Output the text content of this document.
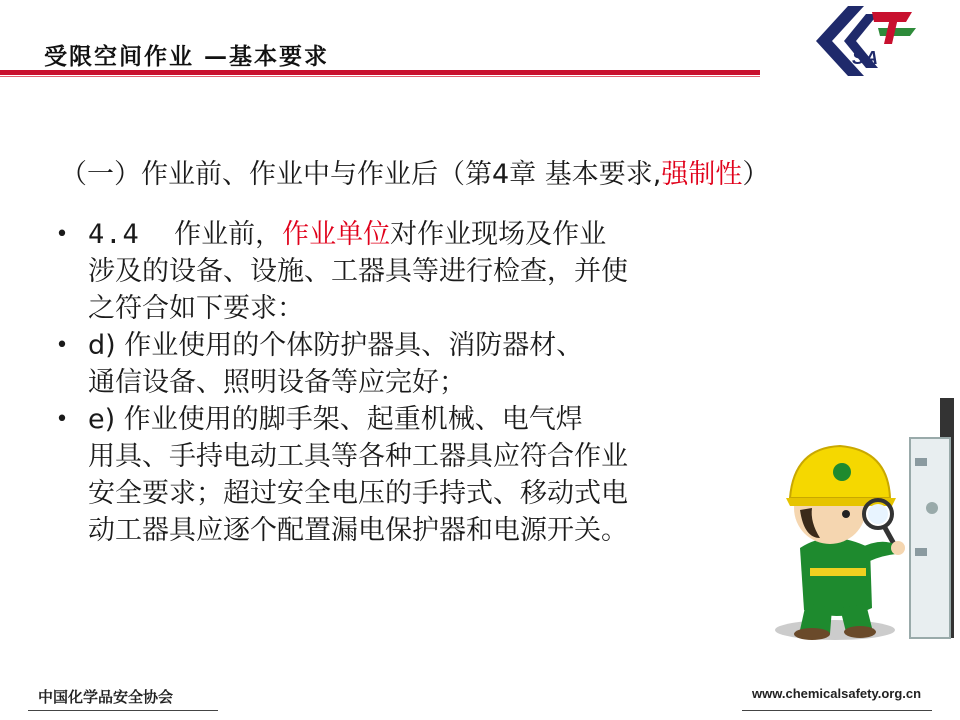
受限空间作业 —基本要求	SA
（一）作业前、作业中与作业后（第4章 基本要求,强制性）
• 4.4 作业前，作业单位对作业现场及作业
涉及的设备、设施、工器具等进行检查，并使
之符合如下要求：
• d) 作业使用的个体防护器具、消防器材、
通信设备、照明设备等应完好；
• e) 作业使用的脚手架、起重机械、电气焊
用具、手持电动工具等各种工器具应符合作业
安全要求；超过安全电压的手持式、移动式电
动工器具应逐个配置漏电保护器和电源开关。
中国化学品安全协会	www.chemicalsafety.org.cn
